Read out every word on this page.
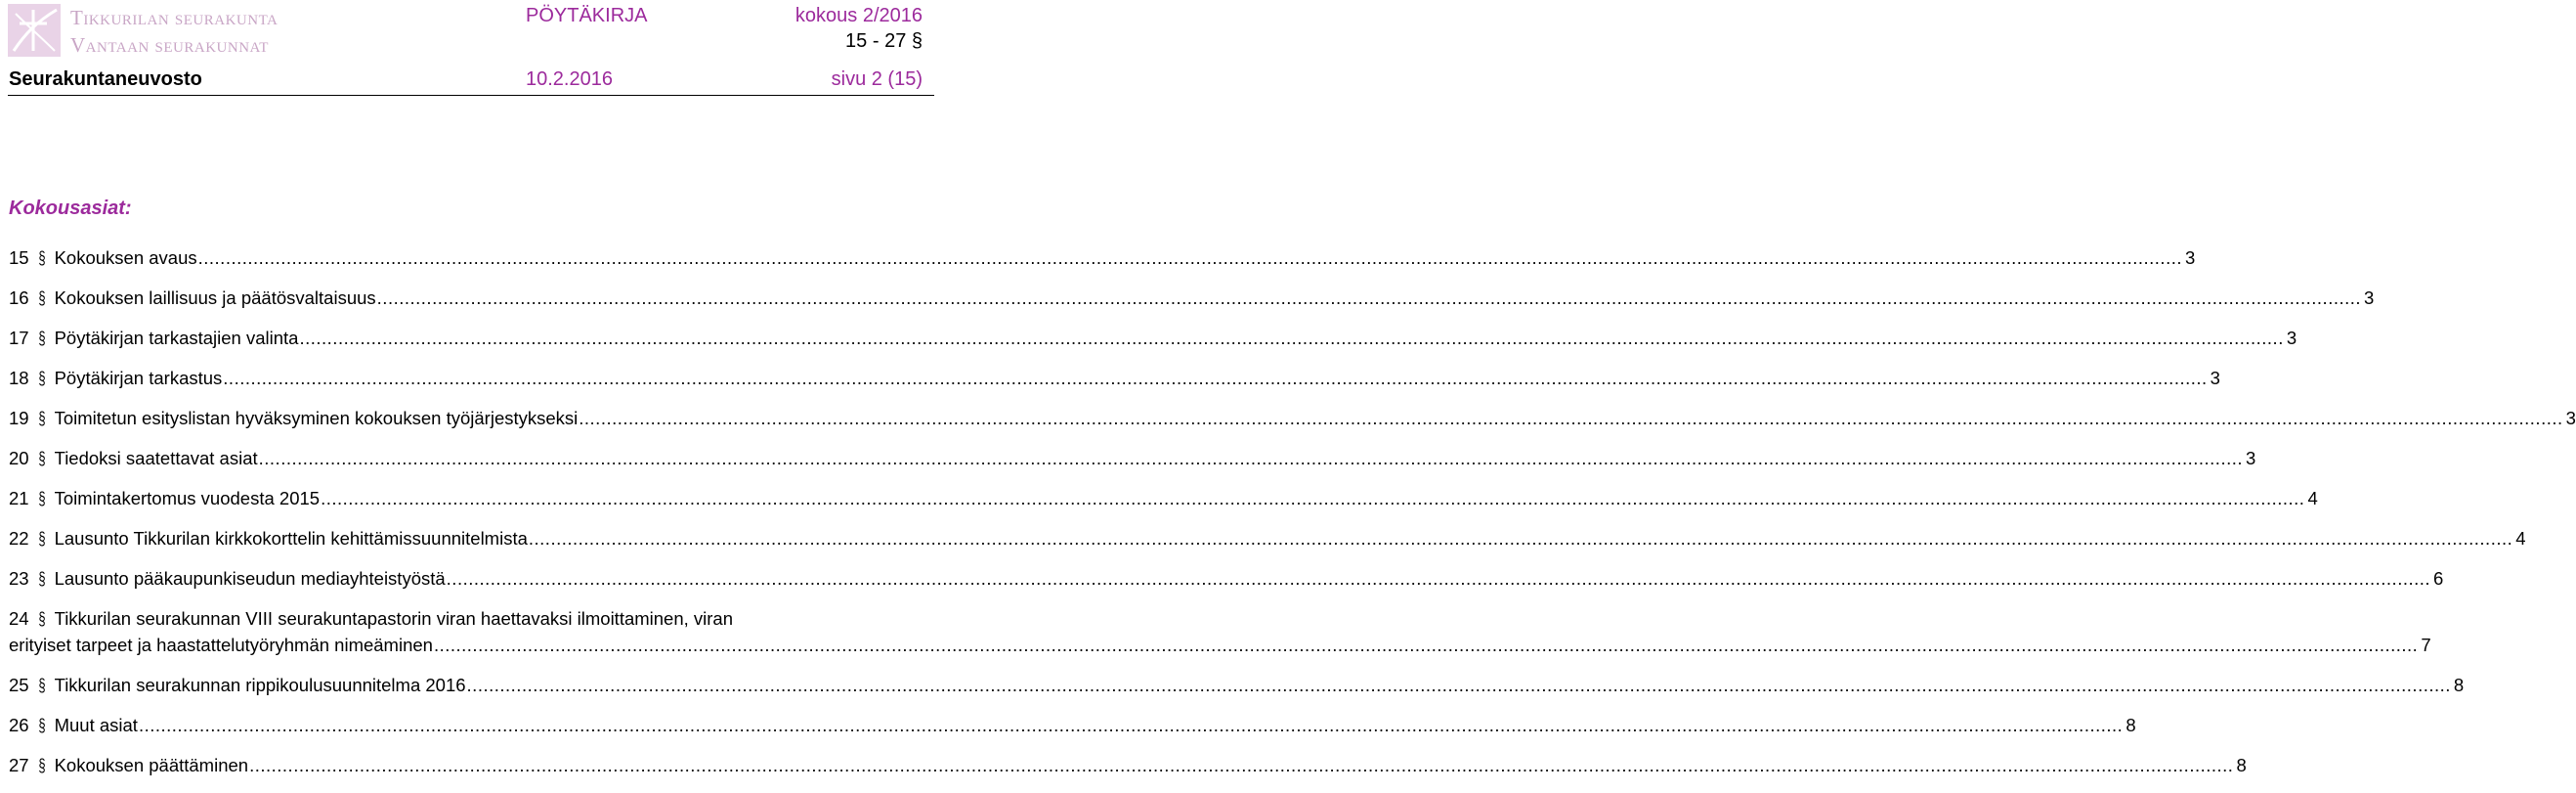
Tikkurilan seurakunta
Vantaan seurakunnat
PÖYTÄKIRJA	kokous 2/2016
15 - 27 §
Seurakuntaneuvosto	10.2.2016	sivu 2 (15)
Kokousasiat:
15 § Kokouksen avaus .....	3
16 § Kokouksen laillisuus ja päätösvaltaisuus .....	3
17 § Pöytäkirjan tarkastajien valinta .....	3
18 § Pöytäkirjan tarkastus .....	3
19 § Toimitetun esityslistan hyväksyminen kokouksen työjärjestykseksi .....	3
20 § Tiedoksi saatettavat asiat .....	3
21 § Toimintakertomus vuodesta 2015 .....	4
22 § Lausunto Tikkurilan kirkkokorttelin kehittämissuunnitelmista .....	4
23 § Lausunto pääkaupunkiseudun mediayhteistyöstä .....	6
24 § Tikkurilan seurakunnan VIII seurakuntapastorin viran haettavaksi ilmoittaminen, viran
erityiset tarpeet ja haastattelutyöryhmän nimeäminen .....	7
25 § Tikkurilan seurakunnan rippikoulusuunnitelma 2016 .....	8
26 § Muut asiat .....	8
27 § Kokouksen päättäminen .....	8
